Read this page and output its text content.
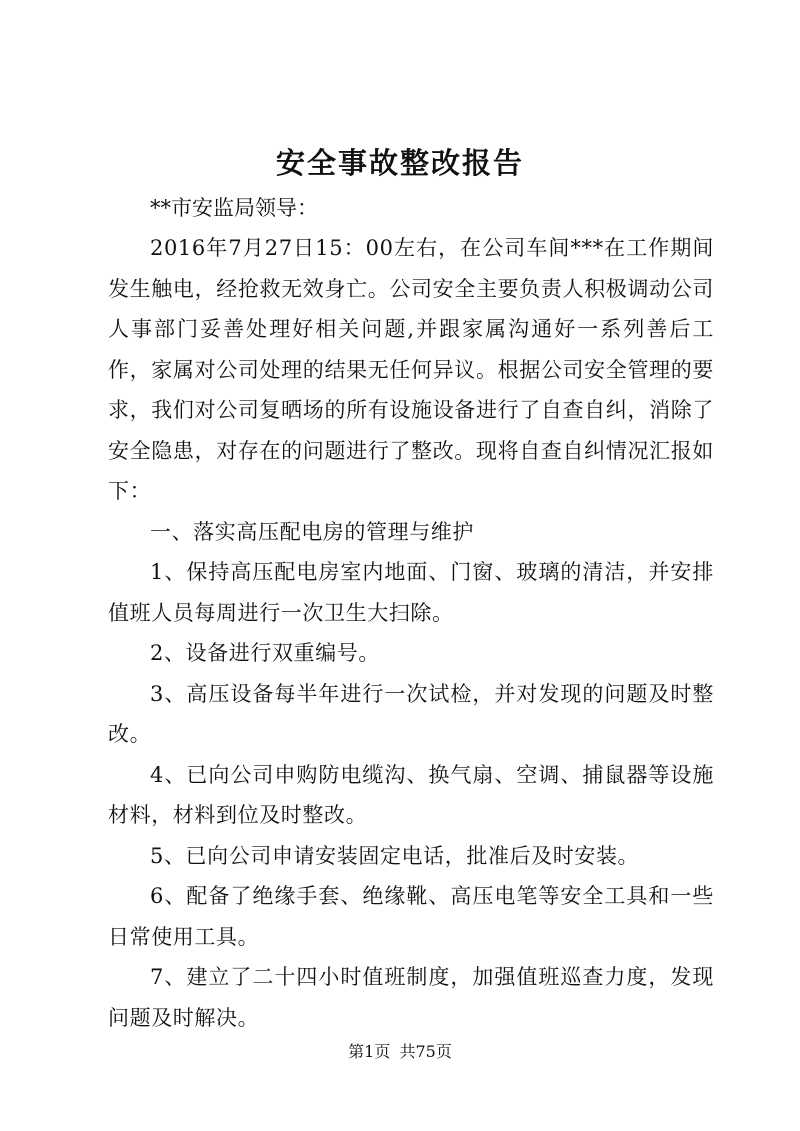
安全事故整改报告

**市安监局领导：

2016年7月27日15：00左右，在公司车间***在工作期间发生触电，经抢救无效身亡。公司安全主要负责人积极调动公司人事部门妥善处理好相关问题,并跟家属沟通好一系列善后工作，家属对公司处理的结果无任何异议。根据公司安全管理的要求，我们对公司复晒场的所有设施设备进行了自查自纠，消除了安全隐患，对存在的问题进行了整改。现将自查自纠情况汇报如下：

一、落实高压配电房的管理与维护

1、保持高压配电房室内地面、门窗、玻璃的清洁，并安排值班人员每周进行一次卫生大扫除。

2、设备进行双重编号。

3、高压设备每半年进行一次试检，并对发现的问题及时整改。

4、已向公司申购防电缆沟、换气扇、空调、捕鼠器等设施材料，材料到位及时整改。

5、已向公司申请安装固定电话，批准后及时安装。

6、配备了绝缘手套、绝缘靴、高压电笔等安全工具和一些日常使用工具。

7、建立了二十四小时值班制度，加强值班巡查力度，发现问题及时解决。

第1页 共75页
